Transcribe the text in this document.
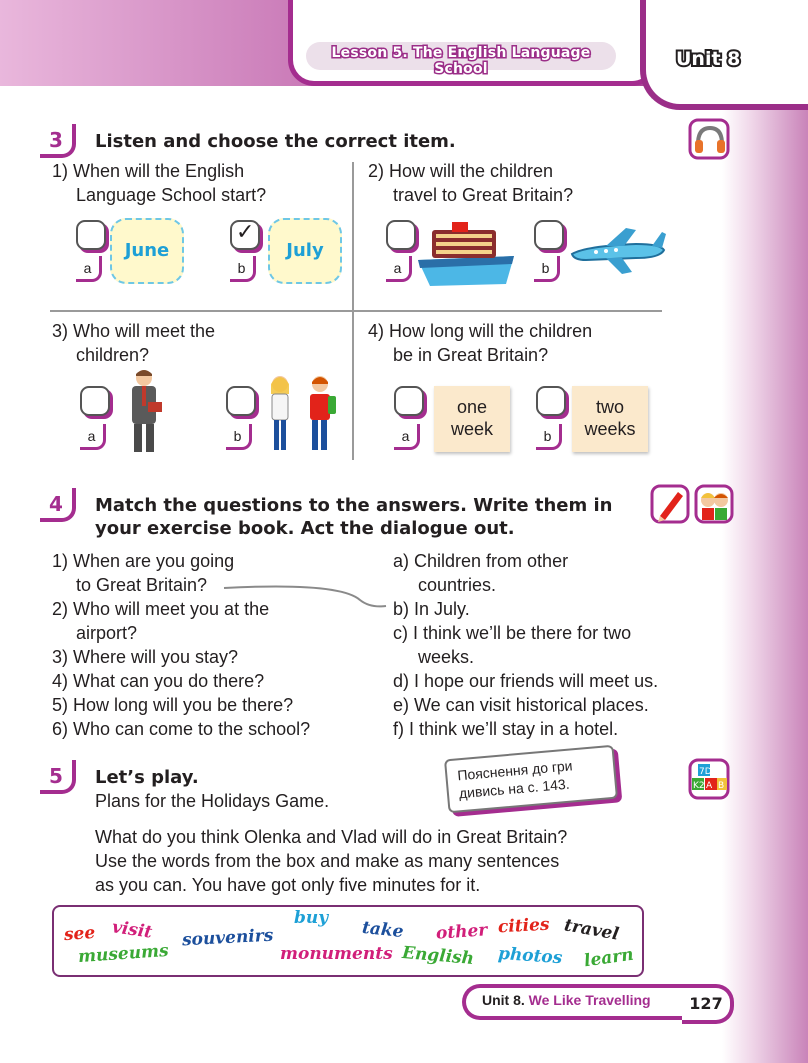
Lesson 5. The English Language School	Unit 8
3	Listen and choose the correct item.
1) When will the English
Language School start?
a
June
✓
b
July
2) How will the children
travel to Great Britain?
a	b
3) Who will meet the
children?
a	b
4) How long will the children
be in Great Britain?
a
one
week	b
two
weeks
4	Match the questions to the answers. Write them in
your exercise book. Act the dialogue out.
1) When are you going
to Great Britain?
2) Who will meet you at the
airport?
3) Where will you stay?
4) What can you do there?
5) How long will you be there?
6) Who can come to the school?
a) Children from other
countries.
b) In July.
c) I think we’ll be there for two
weeks.
d) I hope our friends will meet us.
e) We can visit historical places.
f) I think we’ll stay in a hotel.
5	Let’s play.
Plans for the Holidays Game.
Пояснення до гри
дивись на с. 143.
7D
K2 A B
What do you think Olenka and Vlad will do in Great Britain?
Use the words from the box and make as many sentences
as you can. You have got only five minutes for it.
see visit
museums
souvenirs
buy
monuments
take
English
other cities
photos
travel
learn
Unit 8. We Like Travelling	127
